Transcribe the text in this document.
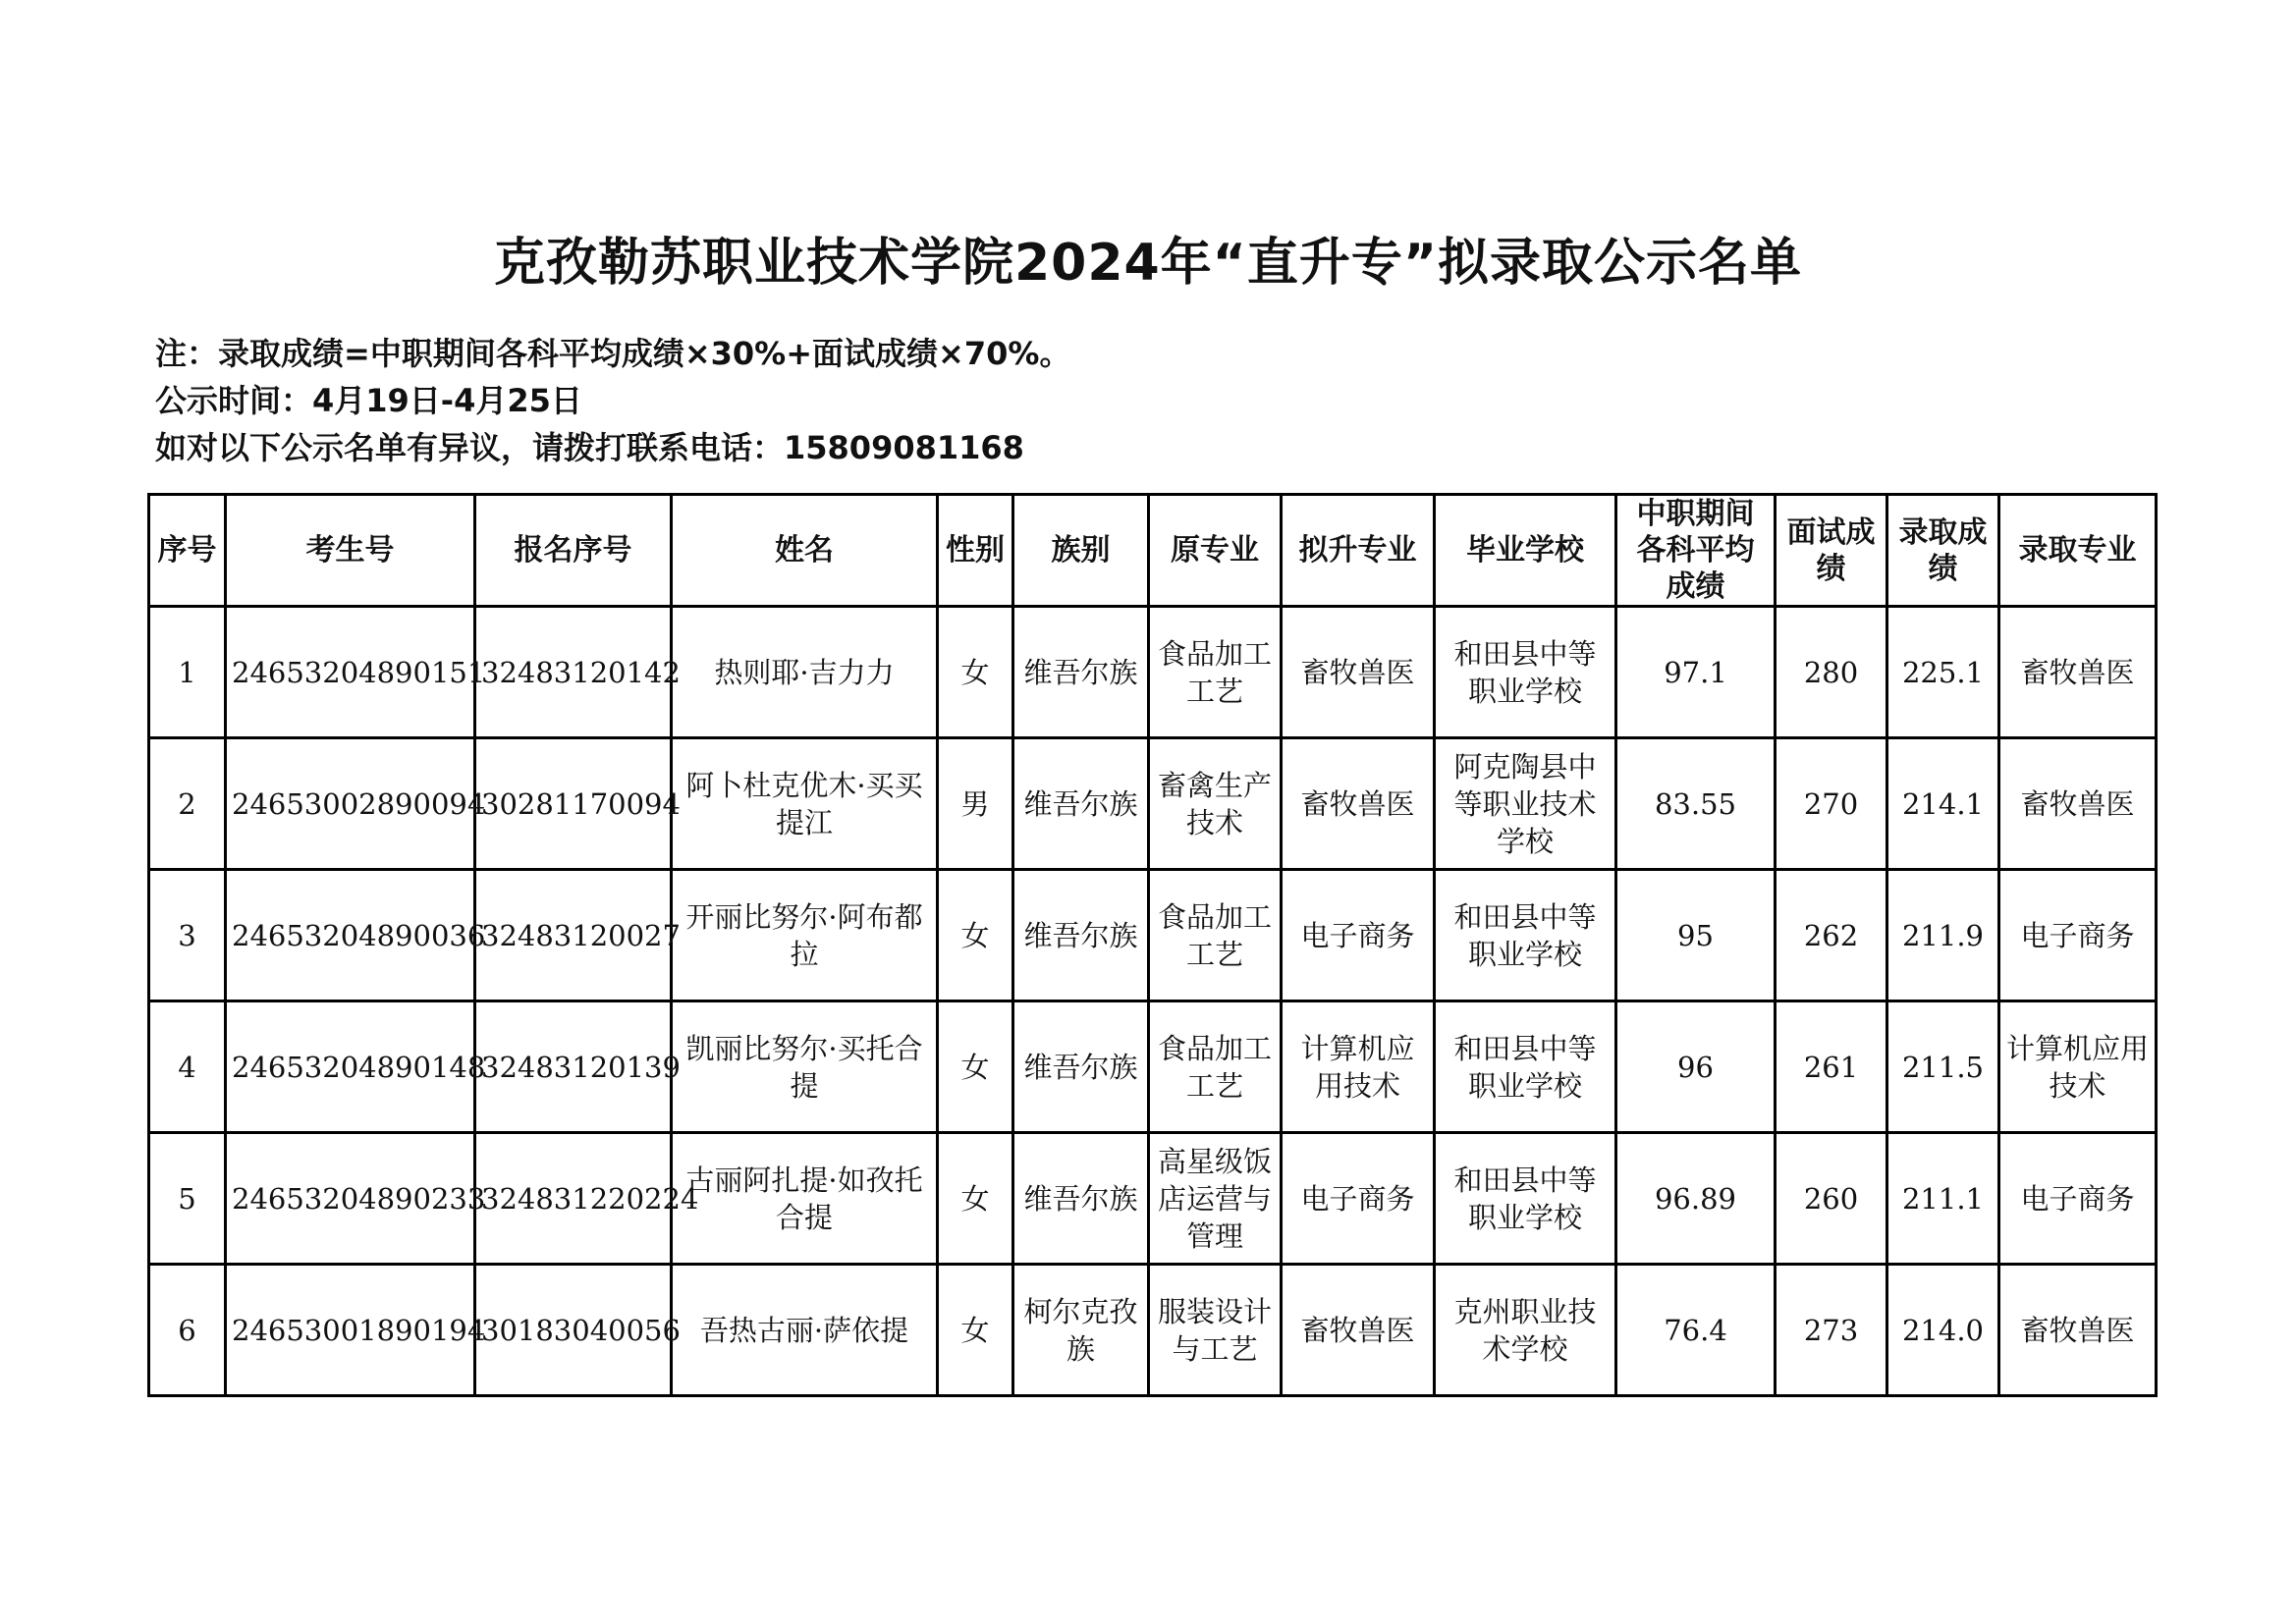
克孜勒苏职业技术学院2024年“直升专”拟录取公示名单
注：录取成绩=中职期间各科平均成绩×30%+面试成绩×70%。
公示时间：4月19日-4月25日
如对以下公示名单有异议，请拨打联系电话：15809081168
序号	考生号	报名序号	姓名	性别	族别	原专业	拟升专业	毕业学校	中职期间各科平均成绩	面试成绩	录取成绩	录取专业
1	24653204890151	32483120142	热则耶·吉力力	女	维吾尔族	食品加工工艺	畜牧兽医	和田县中等职业学校	97.1	280	225.1	畜牧兽医
2	24653002890094	30281170094	阿卜杜克优木·买买提江	男	维吾尔族	畜禽生产技术	畜牧兽医	阿克陶县中等职业技术学校	83.55	270	214.1	畜牧兽医
3	24653204890036	32483120027	开丽比努尔·阿布都拉	女	维吾尔族	食品加工工艺	电子商务	和田县中等职业学校	95	262	211.9	电子商务
4	24653204890148	32483120139	凯丽比努尔·买托合提	女	维吾尔族	食品加工工艺	计算机应用技术	和田县中等职业学校	96	261	211.5	计算机应用技术
5	24653204890233	324831220224	古丽阿扎提·如孜托合提	女	维吾尔族	高星级饭店运营与管理	电子商务	和田县中等职业学校	96.89	260	211.1	电子商务
6	24653001890194	30183040056	吾热古丽·萨依提	女	柯尔克孜族	服装设计与工艺	畜牧兽医	克州职业技术学校	76.4	273	214.0	畜牧兽医
